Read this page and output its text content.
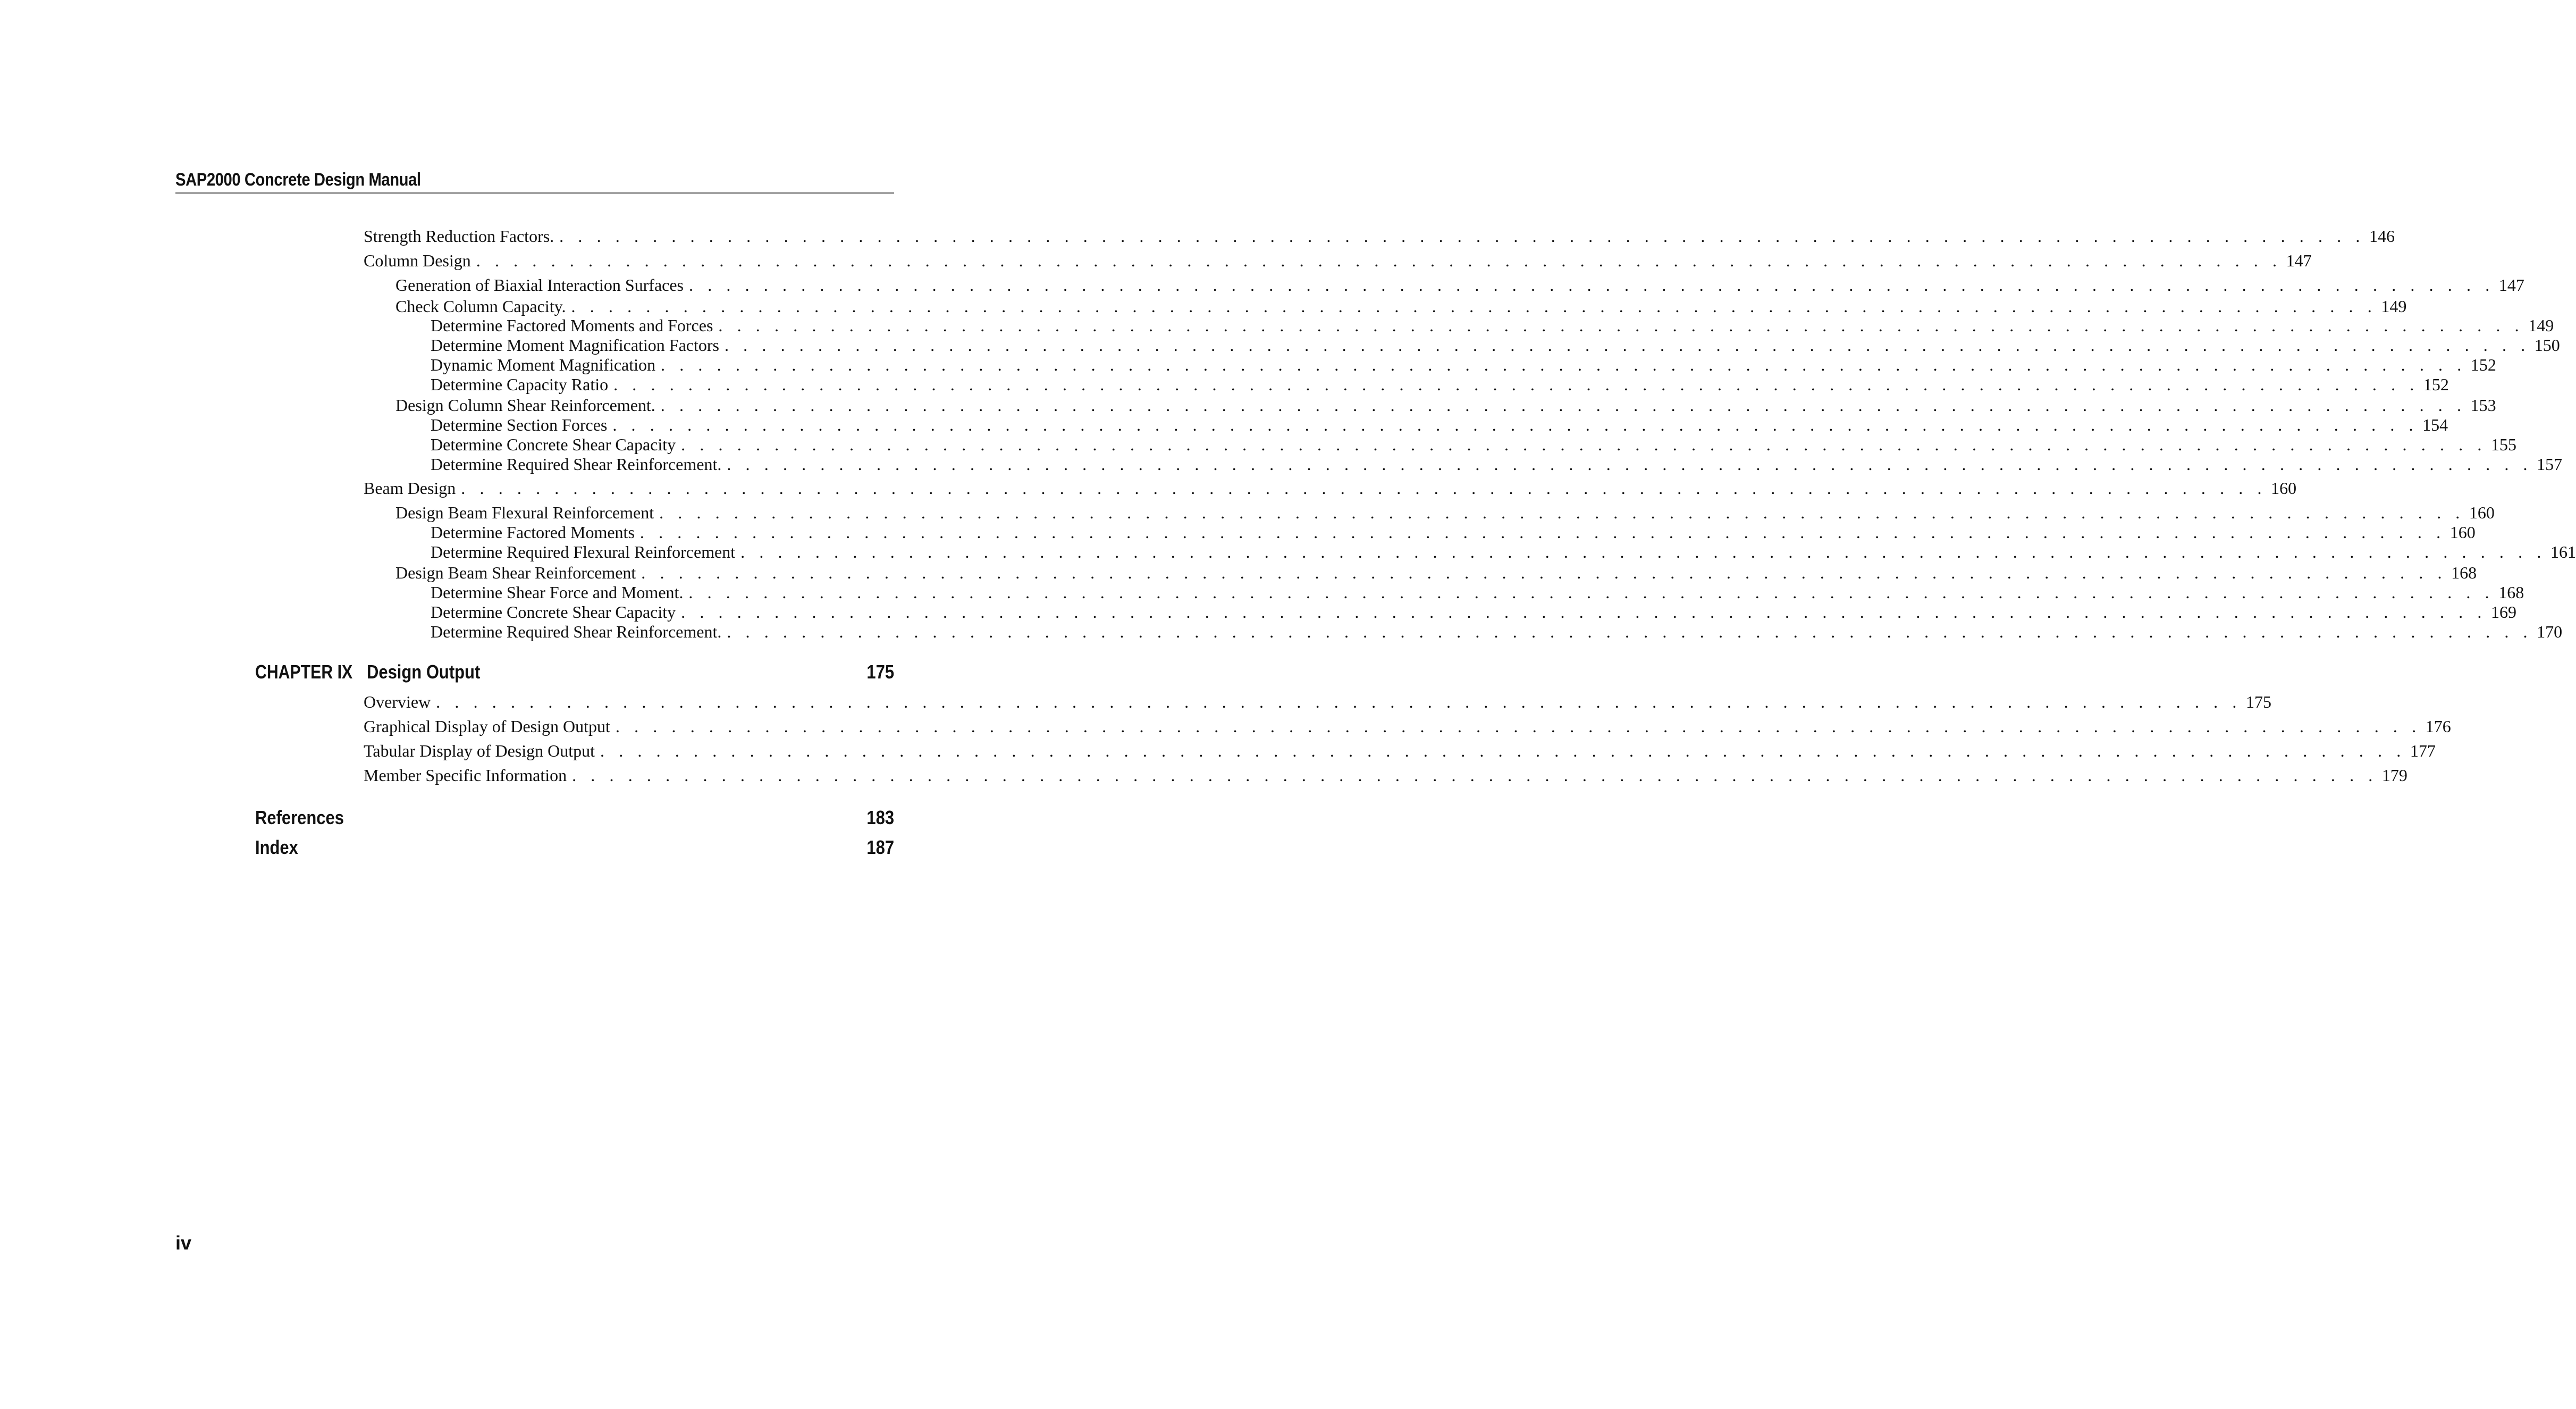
SAP2000 Concrete Design Manual
Strength Reduction Factors. . . . . . . . . . . . . . . . . . . . . . . . . . . . . . . . . . . . . . . . . . . . . . . . . . . . . . . . . . . . . . . . . . . . . . . . . . . . . . . . . . . . . . . . . . . . . . . . . . 146
Column Design . . . . . . . . . . . . . . . . . . . . . . . . . . . . . . . . . . . . . . . . . . . . . . . . . . . . . . . . . . . . . . . . . . . . . . . . . . . . . . . . . . . . . . . . . . . . . . . . . 147
Generation of Biaxial Interaction Surfaces . . . . . . . . . . . . . . . . . . . . . . . . . . . . . . . . . . . . . . . . . . . . . . . . . . . . . . . . . . . . . . . . . . . . . . . . . . . . . . . . . . . . . . . . . . . . . . . . . 147
Check Column Capacity. . . . . . . . . . . . . . . . . . . . . . . . . . . . . . . . . . . . . . . . . . . . . . . . . . . . . . . . . . . . . . . . . . . . . . . . . . . . . . . . . . . . . . . . . . . . . . . . . . 149
Determine Factored Moments and Forces . . . . . . . . . . . . . . . . . . . . . . . . . . . . . . . . . . . . . . . . . . . . . . . . . . . . . . . . . . . . . . . . . . . . . . . . . . . . . . . . . . . . . . . . . . . . . . . . . 149
Determine Moment Magnification Factors . . . . . . . . . . . . . . . . . . . . . . . . . . . . . . . . . . . . . . . . . . . . . . . . . . . . . . . . . . . . . . . . . . . . . . . . . . . . . . . . . . . . . . . . . . . . . . . . . 150
Dynamic Moment Magnification . . . . . . . . . . . . . . . . . . . . . . . . . . . . . . . . . . . . . . . . . . . . . . . . . . . . . . . . . . . . . . . . . . . . . . . . . . . . . . . . . . . . . . . . . . . . . . . . . 152
Determine Capacity Ratio . . . . . . . . . . . . . . . . . . . . . . . . . . . . . . . . . . . . . . . . . . . . . . . . . . . . . . . . . . . . . . . . . . . . . . . . . . . . . . . . . . . . . . . . . . . . . . . . . 152
Design Column Shear Reinforcement. . . . . . . . . . . . . . . . . . . . . . . . . . . . . . . . . . . . . . . . . . . . . . . . . . . . . . . . . . . . . . . . . . . . . . . . . . . . . . . . . . . . . . . . . . . . . . . . . . 153
Determine Section Forces . . . . . . . . . . . . . . . . . . . . . . . . . . . . . . . . . . . . . . . . . . . . . . . . . . . . . . . . . . . . . . . . . . . . . . . . . . . . . . . . . . . . . . . . . . . . . . . . . 154
Determine Concrete Shear Capacity . . . . . . . . . . . . . . . . . . . . . . . . . . . . . . . . . . . . . . . . . . . . . . . . . . . . . . . . . . . . . . . . . . . . . . . . . . . . . . . . . . . . . . . . . . . . . . . . . 155
Determine Required Shear Reinforcement. . . . . . . . . . . . . . . . . . . . . . . . . . . . . . . . . . . . . . . . . . . . . . . . . . . . . . . . . . . . . . . . . . . . . . . . . . . . . . . . . . . . . . . . . . . . . . . . . . 157
Beam Design . . . . . . . . . . . . . . . . . . . . . . . . . . . . . . . . . . . . . . . . . . . . . . . . . . . . . . . . . . . . . . . . . . . . . . . . . . . . . . . . . . . . . . . . . . . . . . . . . 160
Design Beam Flexural Reinforcement . . . . . . . . . . . . . . . . . . . . . . . . . . . . . . . . . . . . . . . . . . . . . . . . . . . . . . . . . . . . . . . . . . . . . . . . . . . . . . . . . . . . . . . . . . . . . . . . . 160
Determine Factored Moments . . . . . . . . . . . . . . . . . . . . . . . . . . . . . . . . . . . . . . . . . . . . . . . . . . . . . . . . . . . . . . . . . . . . . . . . . . . . . . . . . . . . . . . . . . . . . . . . . 160
Determine Required Flexural Reinforcement . . . . . . . . . . . . . . . . . . . . . . . . . . . . . . . . . . . . . . . . . . . . . . . . . . . . . . . . . . . . . . . . . . . . . . . . . . . . . . . . . . . . . . . . . . . . . . . . . 161
Design Beam Shear Reinforcement . . . . . . . . . . . . . . . . . . . . . . . . . . . . . . . . . . . . . . . . . . . . . . . . . . . . . . . . . . . . . . . . . . . . . . . . . . . . . . . . . . . . . . . . . . . . . . . . . 168
Determine Shear Force and Moment. . . . . . . . . . . . . . . . . . . . . . . . . . . . . . . . . . . . . . . . . . . . . . . . . . . . . . . . . . . . . . . . . . . . . . . . . . . . . . . . . . . . . . . . . . . . . . . . . . 168
Determine Concrete Shear Capacity . . . . . . . . . . . . . . . . . . . . . . . . . . . . . . . . . . . . . . . . . . . . . . . . . . . . . . . . . . . . . . . . . . . . . . . . . . . . . . . . . . . . . . . . . . . . . . . . . 169
Determine Required Shear Reinforcement. . . . . . . . . . . . . . . . . . . . . . . . . . . . . . . . . . . . . . . . . . . . . . . . . . . . . . . . . . . . . . . . . . . . . . . . . . . . . . . . . . . . . . . . . . . . . . . . . . 170
CHAPTER IX Design Output	175
Overview . . . . . . . . . . . . . . . . . . . . . . . . . . . . . . . . . . . . . . . . . . . . . . . . . . . . . . . . . . . . . . . . . . . . . . . . . . . . . . . . . . . . . . . . . . . . . . . . . 175
Graphical Display of Design Output . . . . . . . . . . . . . . . . . . . . . . . . . . . . . . . . . . . . . . . . . . . . . . . . . . . . . . . . . . . . . . . . . . . . . . . . . . . . . . . . . . . . . . . . . . . . . . . . . 176
Tabular Display of Design Output . . . . . . . . . . . . . . . . . . . . . . . . . . . . . . . . . . . . . . . . . . . . . . . . . . . . . . . . . . . . . . . . . . . . . . . . . . . . . . . . . . . . . . . . . . . . . . . . . 177
Member Specific Information . . . . . . . . . . . . . . . . . . . . . . . . . . . . . . . . . . . . . . . . . . . . . . . . . . . . . . . . . . . . . . . . . . . . . . . . . . . . . . . . . . . . . . . . . . . . . . . . . 179
References	183
Index	187
iv
